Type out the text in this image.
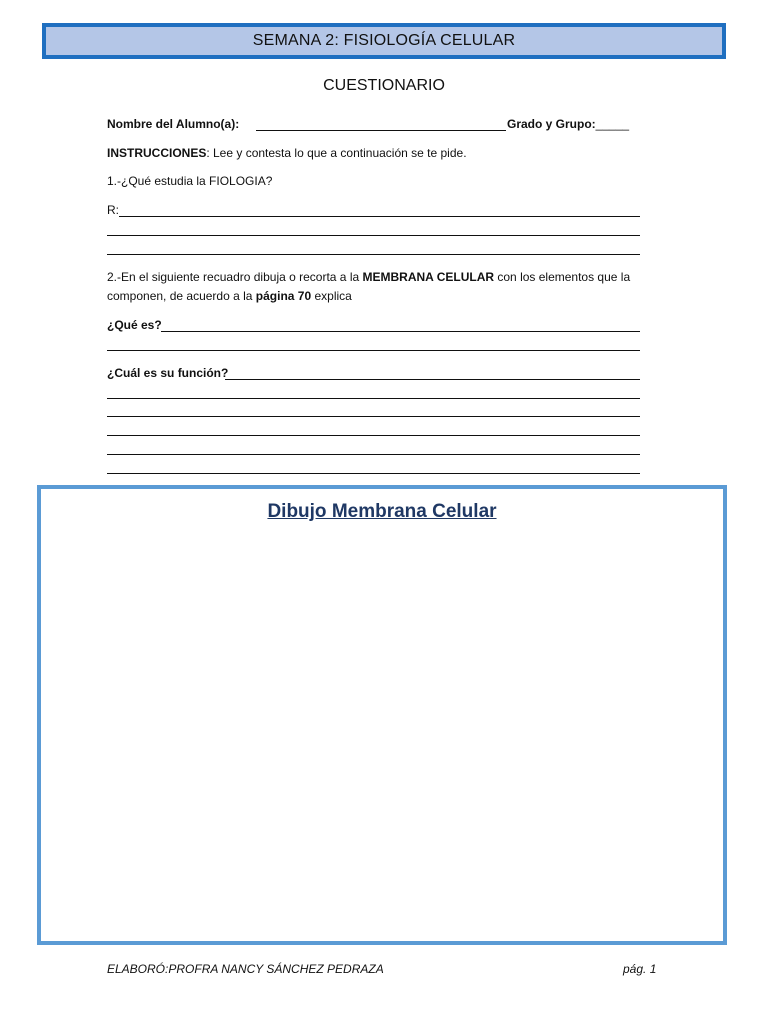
SEMANA 2: FISIOLOGÍA CELULAR
CUESTIONARIO
Nombre del Alumno(a):	Grado y Grupo:_____
INSTRUCCIONES: Lee y contesta lo que a continuación se te pide.
1.-¿Qué estudia la FIOLOGIA?
R:
2.-En el siguiente recuadro dibuja o recorta a la MEMBRANA CELULAR con los elementos que la
componen, de acuerdo a la página 70 explica
¿Qué es?
¿Cuál es su función?
Dibujo Membrana Celular
ELABORÓ:PROFRA NANCY SÁNCHEZ PEDRAZA	pág. 1
